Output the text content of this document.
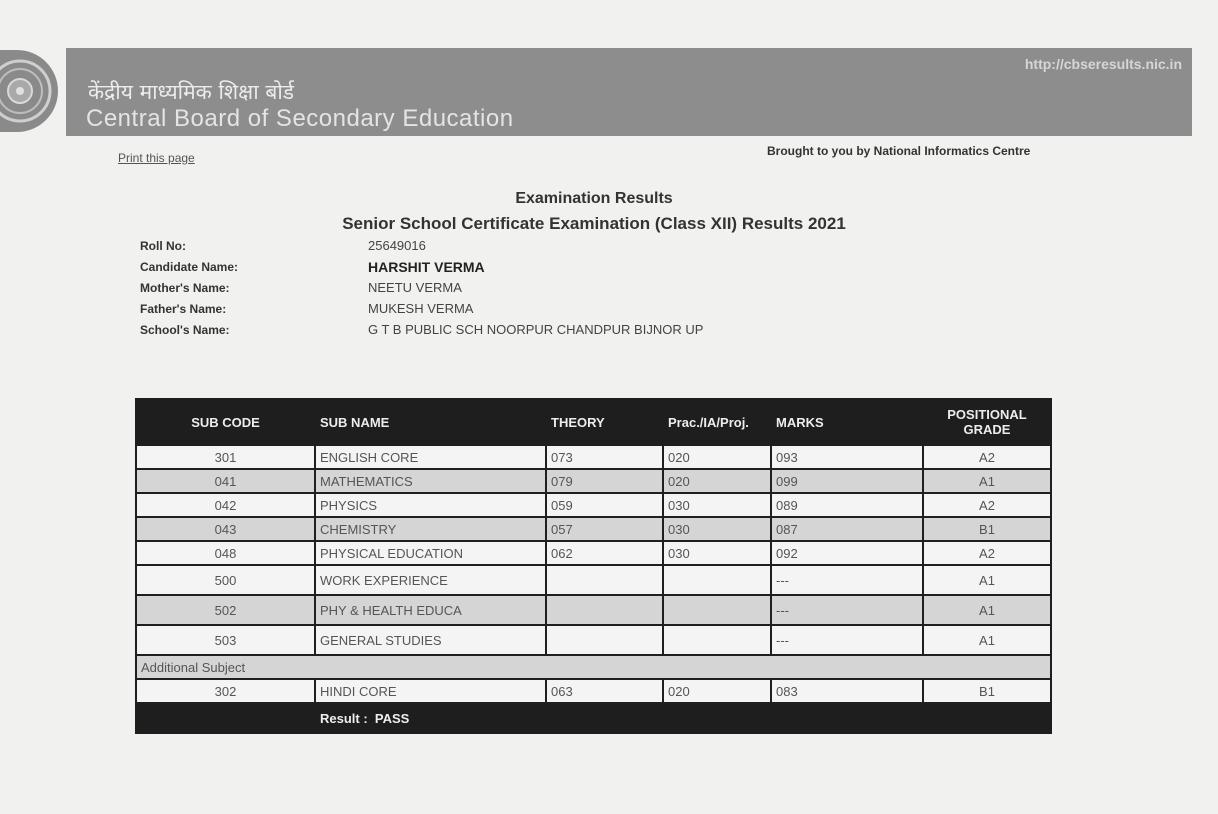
http://cbseresults.nic.in
केंद्रीय माध्यमिक शिक्षा बोर्ड
Central Board of Secondary Education
Print this page	Brought to you by National Informatics Centre
Examination Results
Senior School Certificate Examination (Class XII) Results 2021
Roll No:	25649016
Candidate Name:	HARSHIT VERMA
Mother's Name:	NEETU VERMA
Father's Name:	MUKESH VERMA
School's Name:	G T B PUBLIC SCH NOORPUR CHANDPUR BIJNOR UP
SUB CODE	SUB NAME	THEORY	Prac./IA/Proj.	MARKS	POSITIONAL GRADE
301	ENGLISH CORE	073	020	093	A2
041	MATHEMATICS	079	020	099	A1
042	PHYSICS	059	030	089	A2
043	CHEMISTRY	057	030	087	B1
048	PHYSICAL EDUCATION	062	030	092	A2
500	WORK EXPERIENCE			---	A1
502	PHY & HEALTH EDUCA			---	A1
503	GENERAL STUDIES			---	A1
Additional Subject					
302	HINDI CORE	063	020	083	B1
	Result : PASS				
